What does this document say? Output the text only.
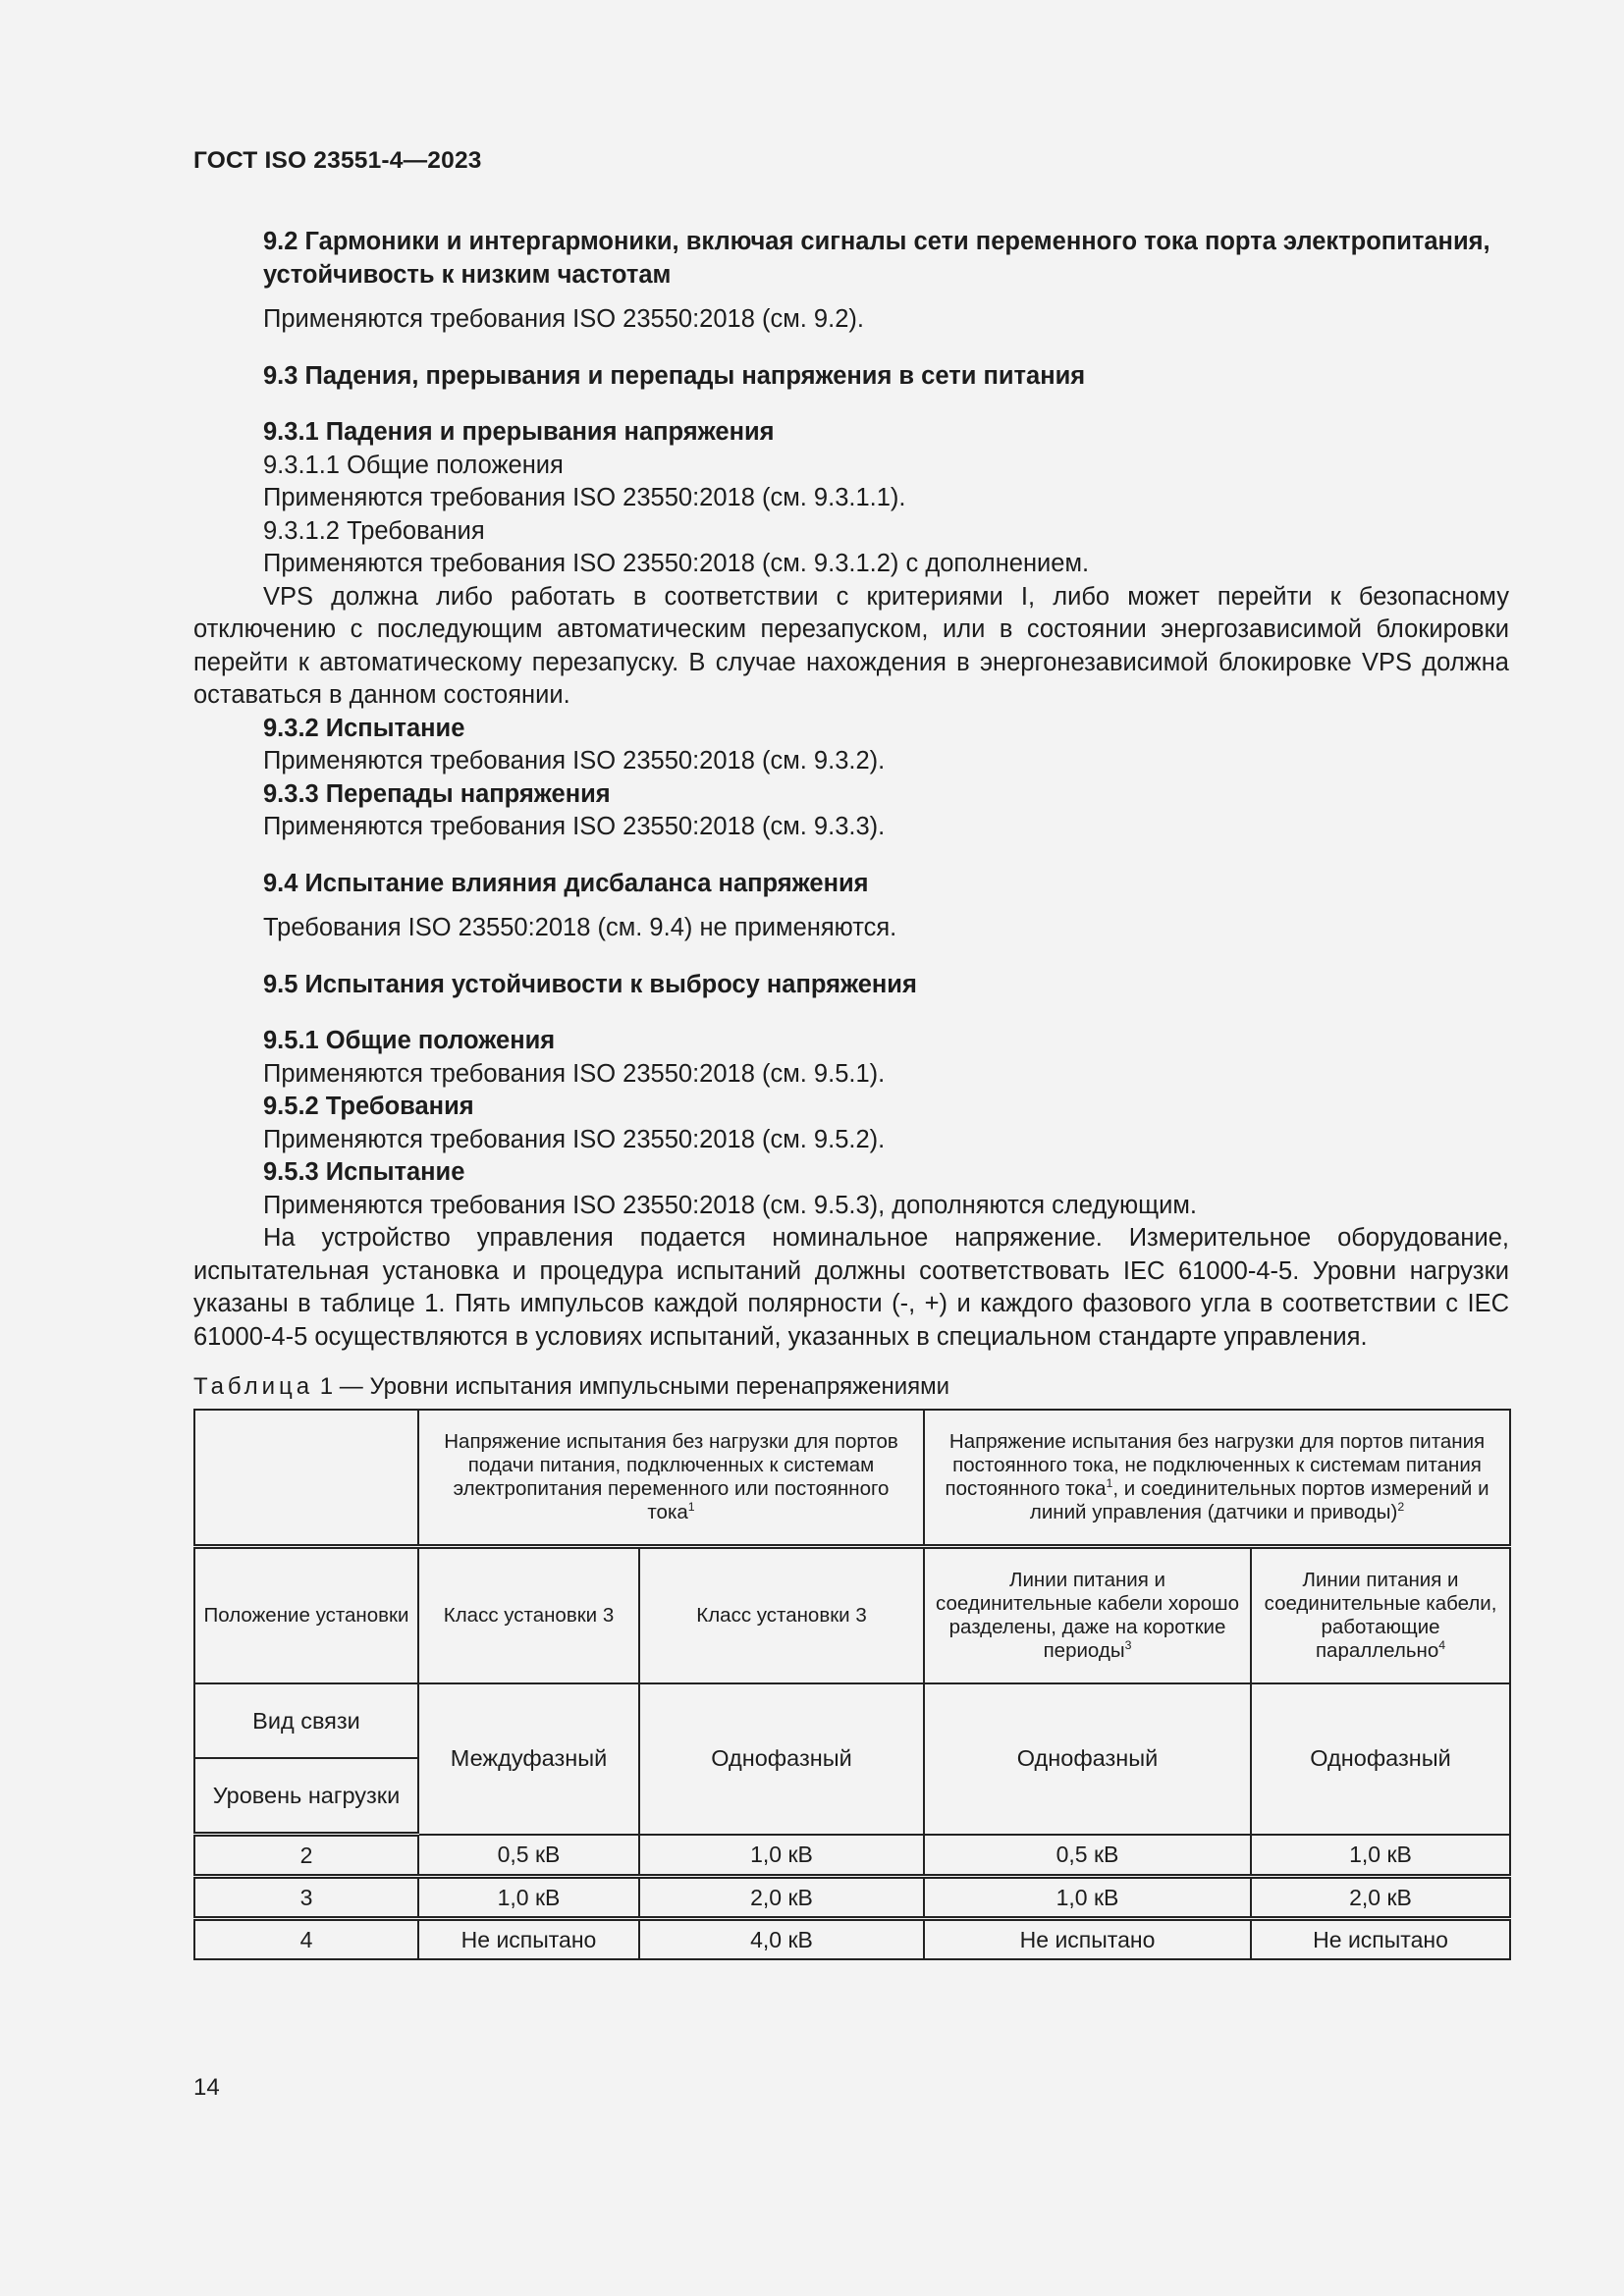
ГОСТ ISO 23551-4—2023

9.2 Гармоники и интергармоники, включая сигналы сети переменного тока порта электропитания, устойчивость к низким частотам

Применяются требования ISO 23550:2018 (см. 9.2).

9.3 Падения, прерывания и перепады напряжения в сети питания

9.3.1 Падения и прерывания напряжения

9.3.1.1 Общие положения

Применяются требования ISO 23550:2018 (см. 9.3.1.1).

9.3.1.2 Требования

Применяются требования ISO 23550:2018 (см. 9.3.1.2) с дополнением.

VPS должна либо работать в соответствии с критериями I, либо может перейти к безопасному отключению с последующим автоматическим перезапуском, или в состоянии энергозависимой блокировки перейти к автоматическому перезапуску. В случае нахождения в энергонезависимой блокировке VPS должна оставаться в данном состоянии.

9.3.2 Испытание

Применяются требования ISO 23550:2018 (см. 9.3.2).

9.3.3 Перепады напряжения

Применяются требования ISO 23550:2018 (см. 9.3.3).

9.4 Испытание влияния дисбаланса напряжения

Требования ISO 23550:2018 (см. 9.4) не применяются.

9.5 Испытания устойчивости к выбросу напряжения

9.5.1 Общие положения

Применяются требования ISO 23550:2018 (см. 9.5.1).

9.5.2 Требования

Применяются требования ISO 23550:2018 (см. 9.5.2).

9.5.3 Испытание

Применяются требования ISO 23550:2018 (см. 9.5.3), дополняются следующим.

На устройство управления подается номинальное напряжение. Измерительное оборудование, испытательная установка и процедура испытаний должны соответствовать IEC 61000-4-5. Уровни нагрузки указаны в таблице 1. Пять импульсов каждой полярности (-, +) и каждого фазового угла в соответствии с IEC 61000-4-5 осуществляются в условиях испытаний, указанных в специальном стандарте управления.

Таблица 1 — Уровни испытания импульсными перенапряжениями
	Напряжение испытания без нагрузки для портов подачи питания, подключенных к системам электропитания переменного или постоянного тока$^1$		Напряжение испытания без нагрузки для портов питания постоянного тока, не подключенных к системам питания постоянного тока$^1$, и соединительных портов измерений и линий управления (датчики и приводы)$^2$
Положение установки	Класс установки 3	Класс установки 3	Линии питания и соединительные кабели хорошо разделены, даже на короткие периоды$^3$	Линии питания и соединительные кабели, работающие параллельно$^4$
Вид связи	Междуфазный	Однофазный	Однофазный	Однофазный
Уровень нагрузки				
2	0,5 кВ	1,0 кВ	0,5 кВ	1,0 кВ
3	1,0 кВ	2,0 кВ	1,0 кВ	2,0 кВ
4	Не испытано	4,0 кВ	Не испытано	Не испытано
14
